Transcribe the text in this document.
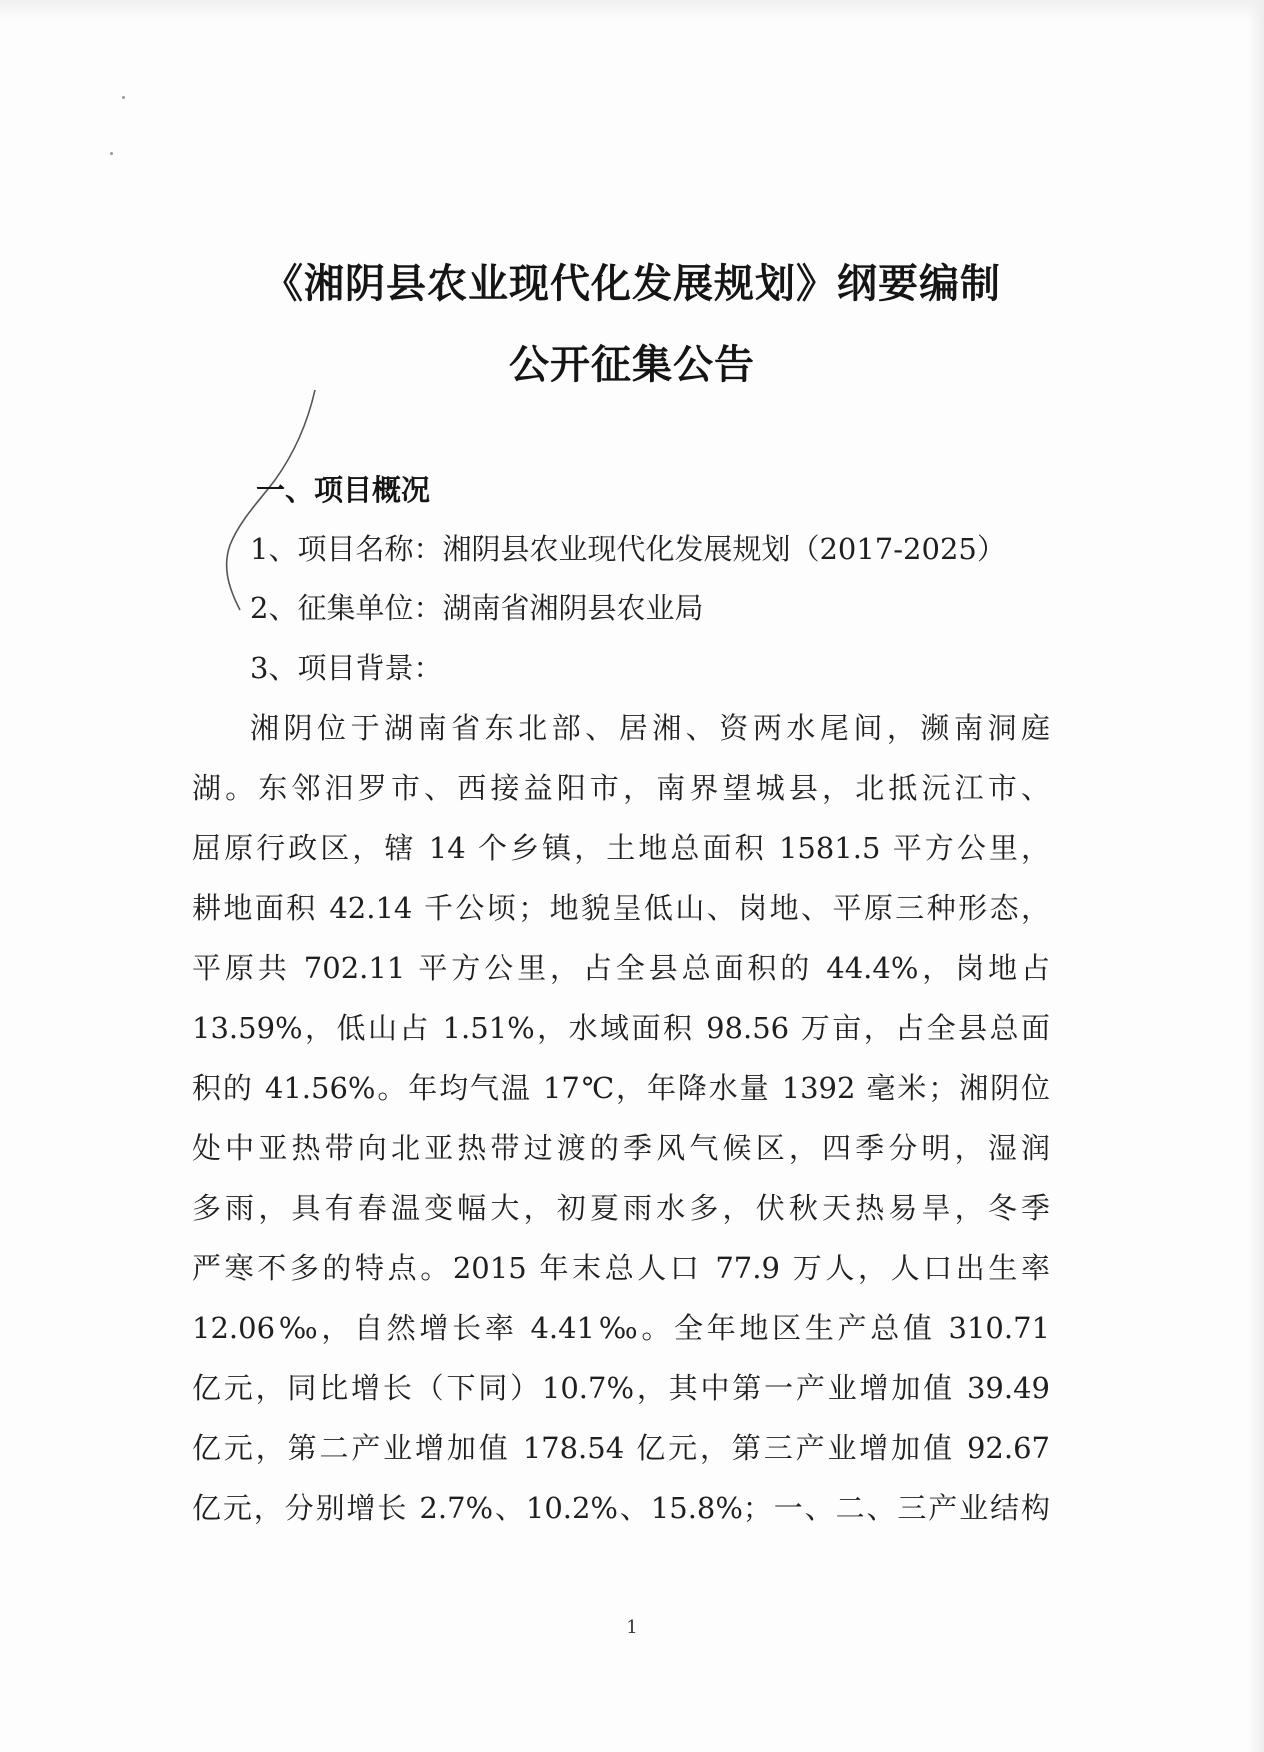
《湘阴县农业现代化发展规划》纲要编制
公开征集公告
一、项目概况
1、项目名称：湘阴县农业现代化发展规划（2017-2025）
2、征集单位：湖南省湘阴县农业局
3、项目背景：
湘阴位于湖南省东北部、居湘、资两水尾间，濒南洞庭
湖。东邻汨罗市、西接益阳市，南界望城县，北抵沅江市、
屈原行政区，辖 14 个乡镇，土地总面积 1581.5 平方公里，
耕地面积 42.14 千公顷；地貌呈低山、岗地、平原三种形态，
平原共 702.11 平方公里，占全县总面积的 44.4%，岗地占
13.59%，低山占 1.51%，水域面积 98.56 万亩，占全县总面
积的 41.56%。年均气温 17℃，年降水量 1392 毫米；湘阴位
处中亚热带向北亚热带过渡的季风气候区，四季分明，湿润
多雨，具有春温变幅大，初夏雨水多，伏秋天热易旱，冬季
严寒不多的特点。2015 年末总人口 77.9 万人，人口出生率
12.06‰，自然增长率 4.41‰。全年地区生产总值 310.71
亿元，同比增长（下同）10.7%，其中第一产业增加值 39.49
亿元，第二产业增加值 178.54 亿元，第三产业增加值 92.67
亿元，分别增长 2.7%、10.2%、15.8%；一、二、三产业结构
1
